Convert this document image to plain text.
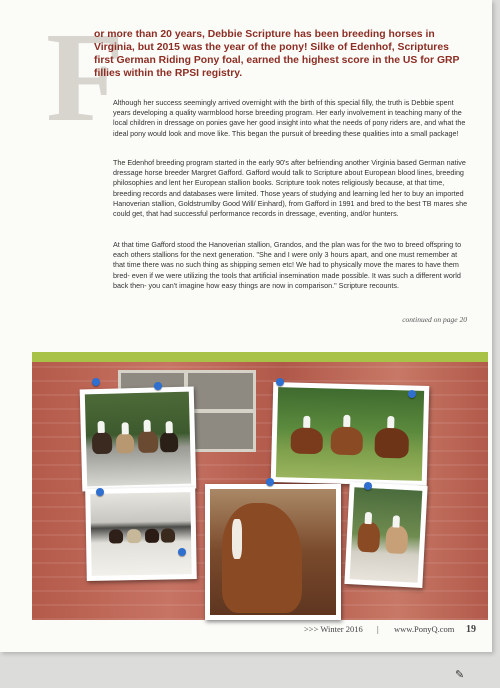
F
or more than 20 years, Debbie Scripture has been breeding horses in Virginia, but 2015 was the year of the pony! Silke of Edenhof, Scriptures first German Riding Pony foal, earned the highest score in the US for GRP fillies within the RPSI registry.

Although her success seemingly arrived overnight with the birth of this special filly, the truth is Debbie spent years developing a quality warmblood horse breeding program. Her early involvement in teaching many of the local children in dressage on ponies gave her good insight into what the needs of pony riders are, and what the ideal pony would look and move like. This began the pursuit of breeding these qualities into a small package!

The Edenhof breeding program started in the early 90's after befriending another Virginia based German native dressage horse breeder Margret Gafford. Gafford would talk to Scripture about European blood lines, breeding philosophies and lent her European stallion books. Scripture took notes religiously because, at that time, breeding records and databases were limited. Those years of studying and learning led her to buy an imported Hanoverian stallion, Goldstrumlby Good Will/ Einhard), from Gafford in 1991 and bred to the best TB mares she could get, that had successful performance records in dressage, eventing, and/or hunters.

At that time Gafford stood the Hanoverian stallion, Grandos, and the plan was for the two to breed offspring to each others stallions for the next generation. "She and I were only 3 hours apart, and one must remember at that time there was no such thing as shipping semen etc! We had to physically move the mares to have them bred- even if we were utilizing the tools that artificial insemination made possible. It was such a different world back then- you can't imagine how easy things are now in comparison." Scripture recounts.

continued on page 20
>>> Winter 2016 | www.PonyQ.com 19
✎
